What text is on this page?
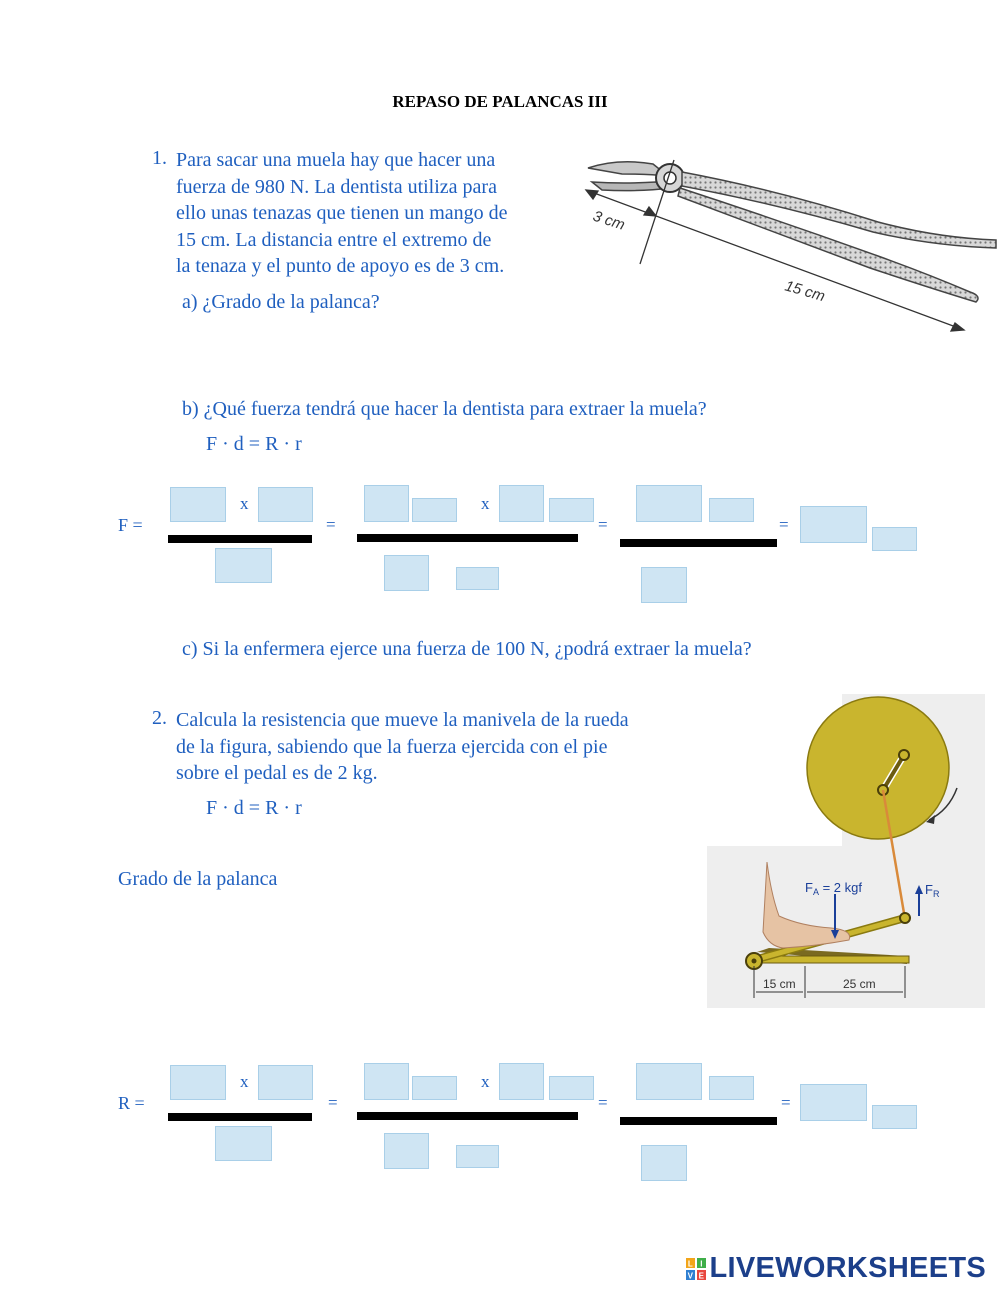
REPASO DE PALANCAS III
1. Para sacar una muela hay que hacer una
fuerza de 980 N. La dentista utiliza para
ello unas tenazas que tienen un mango de
15 cm. La distancia entre el extremo de
la tenaza y el punto de apoyo es de 3 cm.
a) ¿Grado de la palanca?
3 cm
15 cm
b) ¿Qué fuerza tendrá que hacer la dentista para extraer la muela?
F · d = R · r
F =
x
=
x
=	=
c) Si la enfermera ejerce una fuerza de 100 N, ¿podrá extraer la muela?
2. Calcula la resistencia que mueve la manivela de la rueda
de la figura, sabiendo que la fuerza ejercida con el pie
sobre el pedal es de 2 kg.
F · d = R · r
Grado de la palanca	$F_A = 2$ kgf	$F_R$
15 cm	25 cm
R =
x
=
x
=	=
L I
V E LIVEWORKSHEETS
